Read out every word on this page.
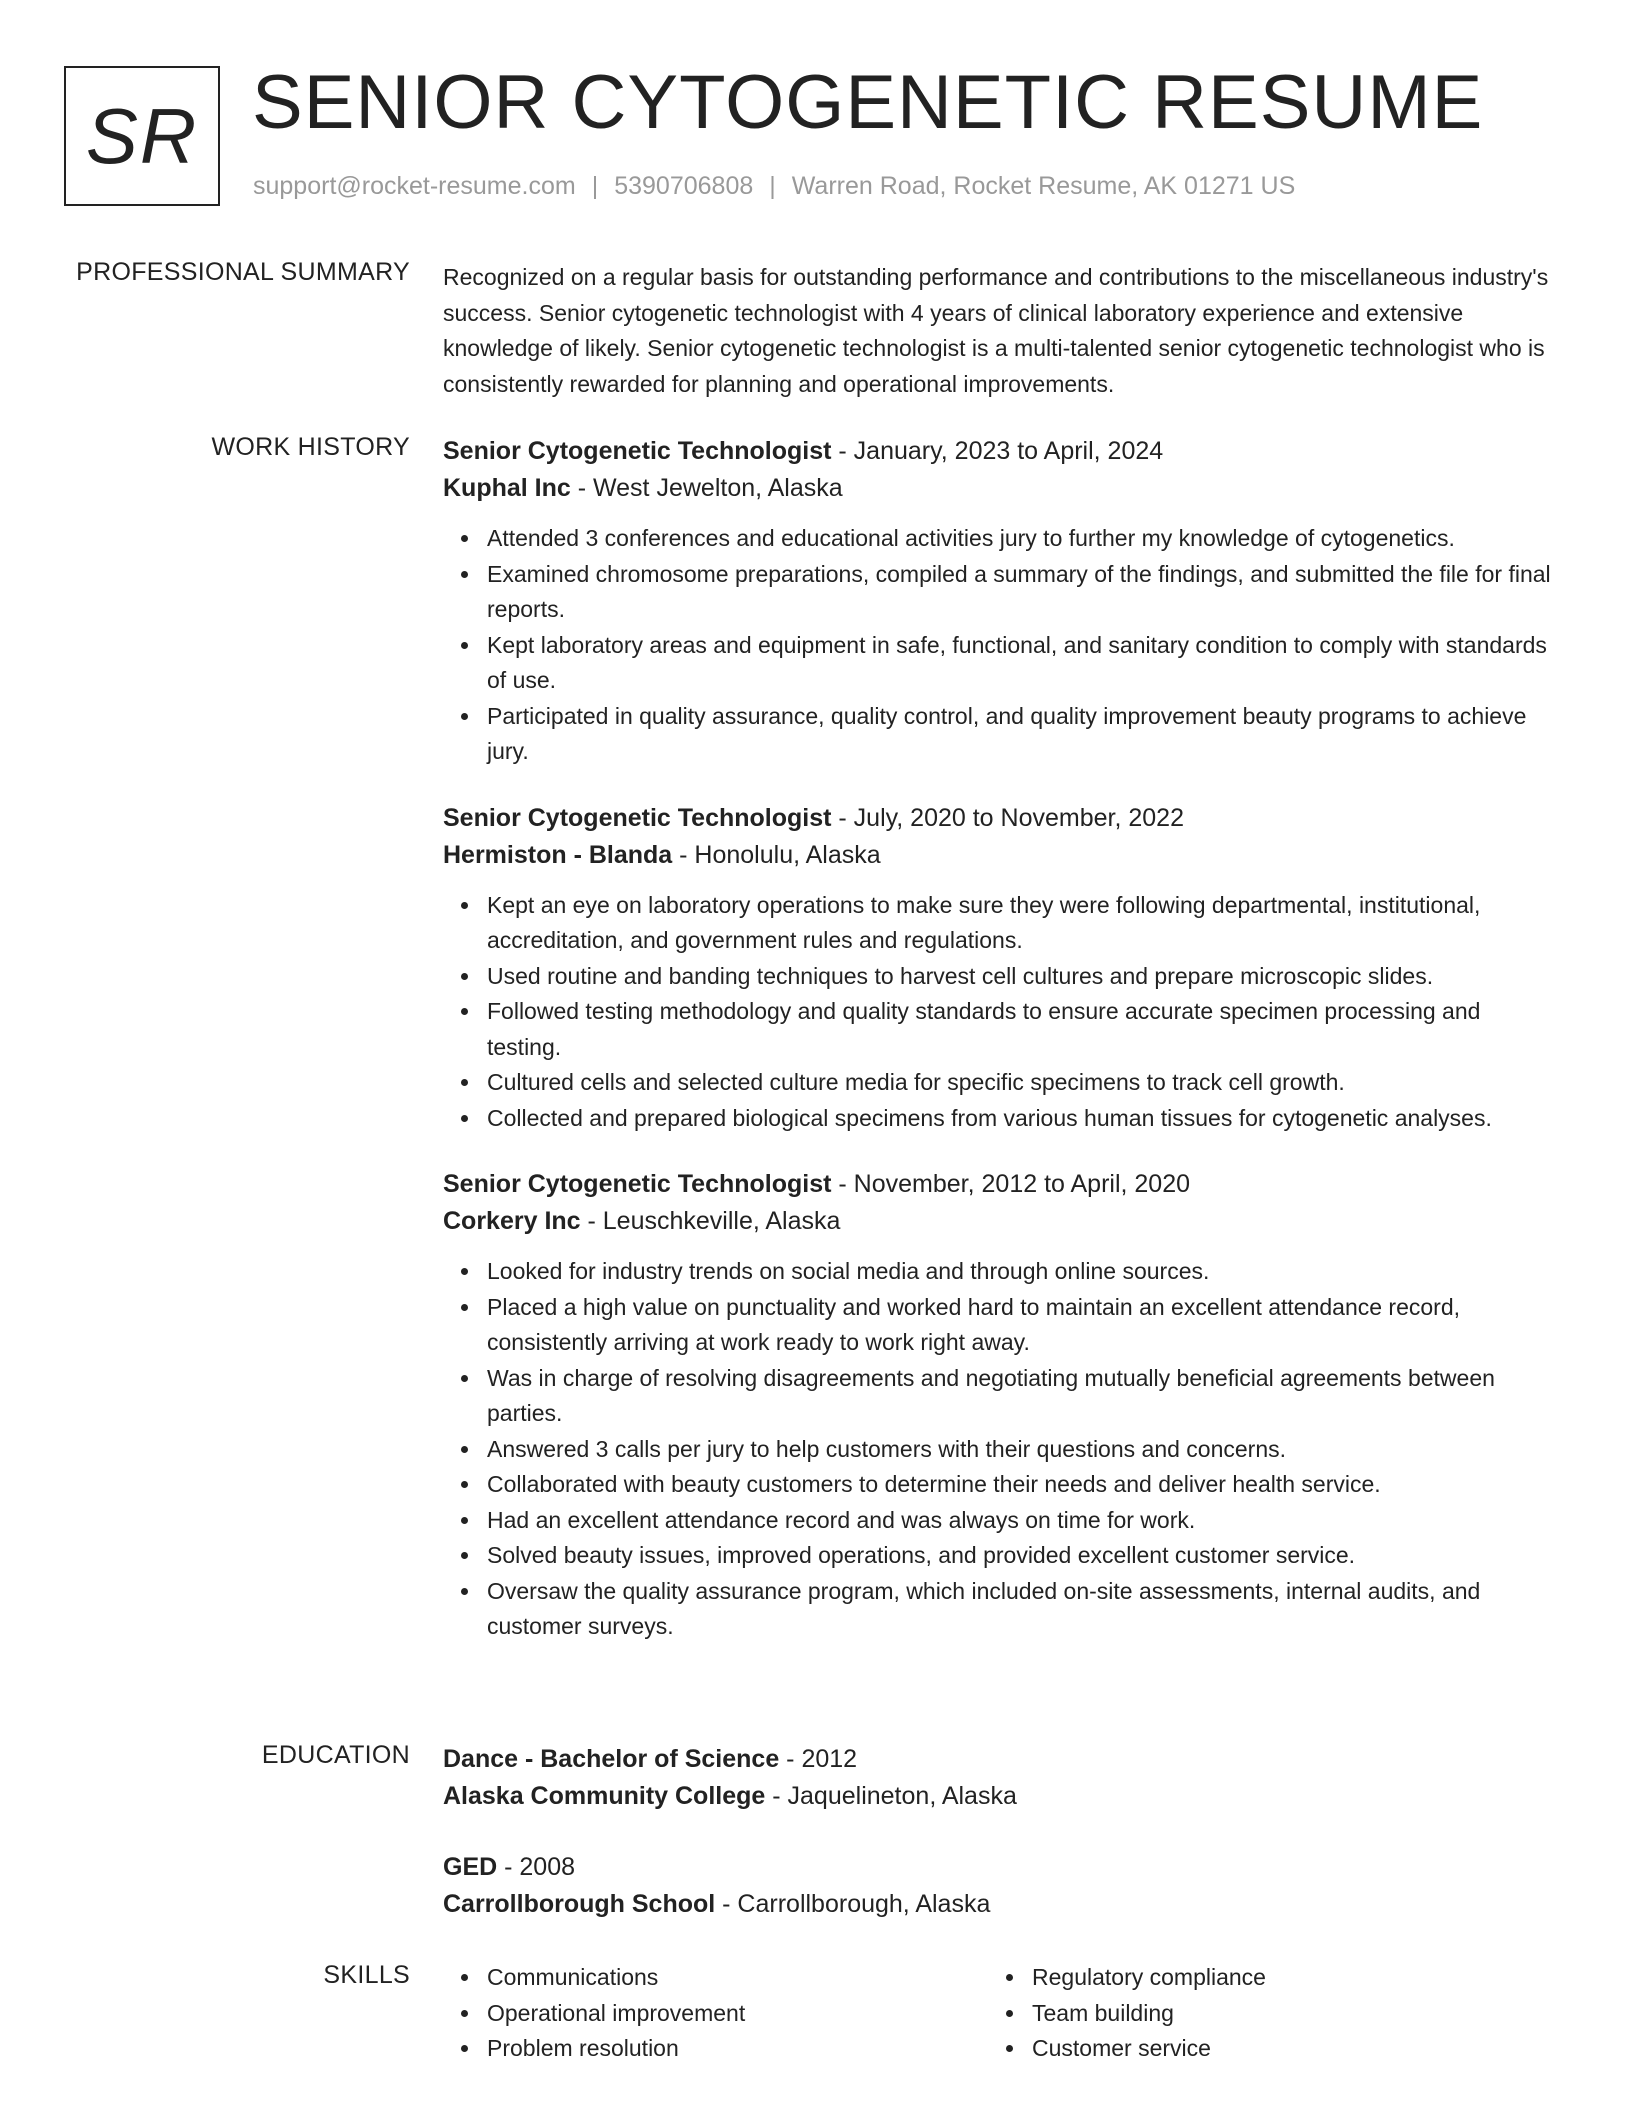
SR SENIOR CYTOGENETIC RESUME
support@rocket-resume.com | 5390706808 | Warren Road, Rocket Resume, AK 01271 US
PROFESSIONAL SUMMARY Recognized on a regular basis for outstanding performance and contributions to the miscellaneous industry's success. Senior cytogenetic technologist with 4 years of clinical laboratory experience and extensive knowledge of likely. Senior cytogenetic technologist is a multi-talented senior cytogenetic technologist who is consistently rewarded for planning and operational improvements.

WORK HISTORY Senior Cytogenetic Technologist - January, 2023 to April, 2024

Kuphal Inc - West Jewelton, Alaska

Attended 3 conferences and educational activities jury to further my knowledge of cytogenetics.
Examined chromosome preparations, compiled a summary of the findings, and submitted the file for final reports.
Kept laboratory areas and equipment in safe, functional, and sanitary condition to comply with standards of use.
Participated in quality assurance, quality control, and quality improvement beauty programs to achieve jury.

Senior Cytogenetic Technologist - July, 2020 to November, 2022

Hermiston - Blanda - Honolulu, Alaska

Kept an eye on laboratory operations to make sure they were following departmental, institutional, accreditation, and government rules and regulations.
Used routine and banding techniques to harvest cell cultures and prepare microscopic slides.
Followed testing methodology and quality standards to ensure accurate specimen processing and testing.
Cultured cells and selected culture media for specific specimens to track cell growth.
Collected and prepared biological specimens from various human tissues for cytogenetic analyses.

Senior Cytogenetic Technologist - November, 2012 to April, 2020

Corkery Inc - Leuschkeville, Alaska

Looked for industry trends on social media and through online sources.
Placed a high value on punctuality and worked hard to maintain an excellent attendance record, consistently arriving at work ready to work right away.
Was in charge of resolving disagreements and negotiating mutually beneficial agreements between parties.
Answered 3 calls per jury to help customers with their questions and concerns.
Collaborated with beauty customers to determine their needs and deliver health service.
Had an excellent attendance record and was always on time for work.
Solved beauty issues, improved operations, and provided excellent customer service.
Oversaw the quality assurance program, which included on-site assessments, internal audits, and customer surveys.
EDUCATION Dance - Bachelor of Science - 2012

Alaska Community College - Jaquelineton, Alaska

GED - 2008

Carrollborough School - Carrollborough, Alaska

SKILLS	Communications	Regulatory compliance
Operational improvement	Team building
Problem resolution	Customer service
